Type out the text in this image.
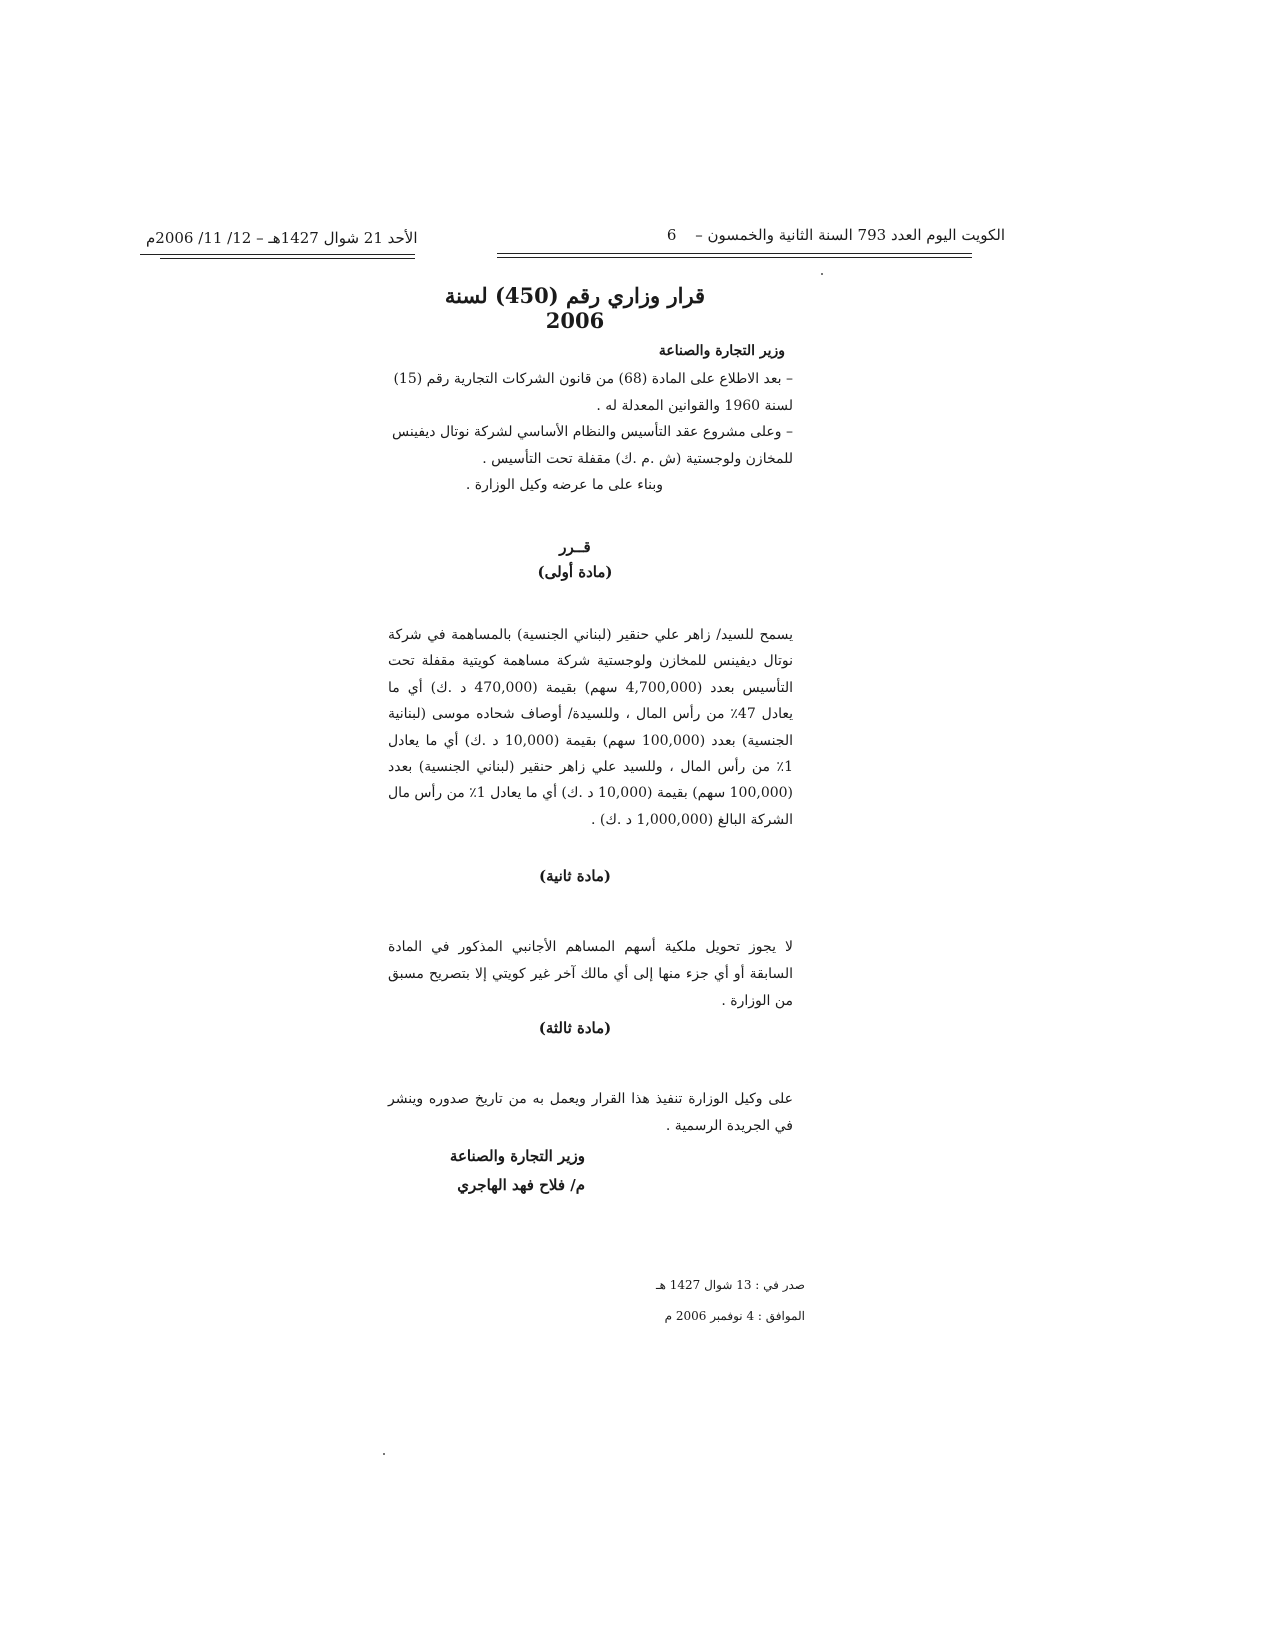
الكويت اليوم العدد 793 السنة الثانية والخمسون – 6
الأحد 21 شوال 1427هـ – 12/ 11/ 2006م
قرار وزاري رقم (450) لسنة 2006
وزير التجارة والصناعة

– بعد الاطلاع على المادة (68) من قانون الشركات التجارية رقم (15) لسنة 1960 والقوانين المعدلة له .

– وعلى مشروع عقد التأسيس والنظام الأساسي لشركة نوتال ديفينس للمخازن ولوجستية (ش .م .ك) مقفلة تحت التأسيس .

وبناء على ما عرضه وكيل الوزارة .

قــرر
(مادة أولى)

يسمح للسيد/ زاهر علي حنقير (لبناني الجنسية) بالمساهمة في شركة نوتال ديفينس للمخازن ولوجستية شركة مساهمة كويتية مقفلة تحت التأسيس بعدد (4,700,000 سهم) بقيمة (470,000 د .ك) أي ما يعادل 47٪ من رأس المال ، وللسيدة/ أوصاف شحاده موسى (لبنانية الجنسية) بعدد (100,000 سهم) بقيمة (10,000 د .ك) أي ما يعادل 1٪ من رأس المال ، وللسيد علي زاهر حنقير (لبناني الجنسية) بعدد (100,000 سهم) بقيمة (10,000 د .ك) أي ما يعادل 1٪ من رأس مال الشركة البالغ (1,000,000 د .ك) .

(مادة ثانية)

لا يجوز تحويل ملكية أسهم المساهم الأجانبي المذكور في المادة السابقة أو أي جزء منها إلى أي مالك آخر غير كويتي إلا بتصريح مسبق من الوزارة .

(مادة ثالثة)

على وكيل الوزارة تنفيذ هذا القرار ويعمل به من تاريخ صدوره وينشر في الجريدة الرسمية .

وزير التجارة والصناعة
م/ فلاح فهد الهاجري
صدر في : 13 شوال 1427 هـ
الموافق : 4 نوفمبر 2006 م
